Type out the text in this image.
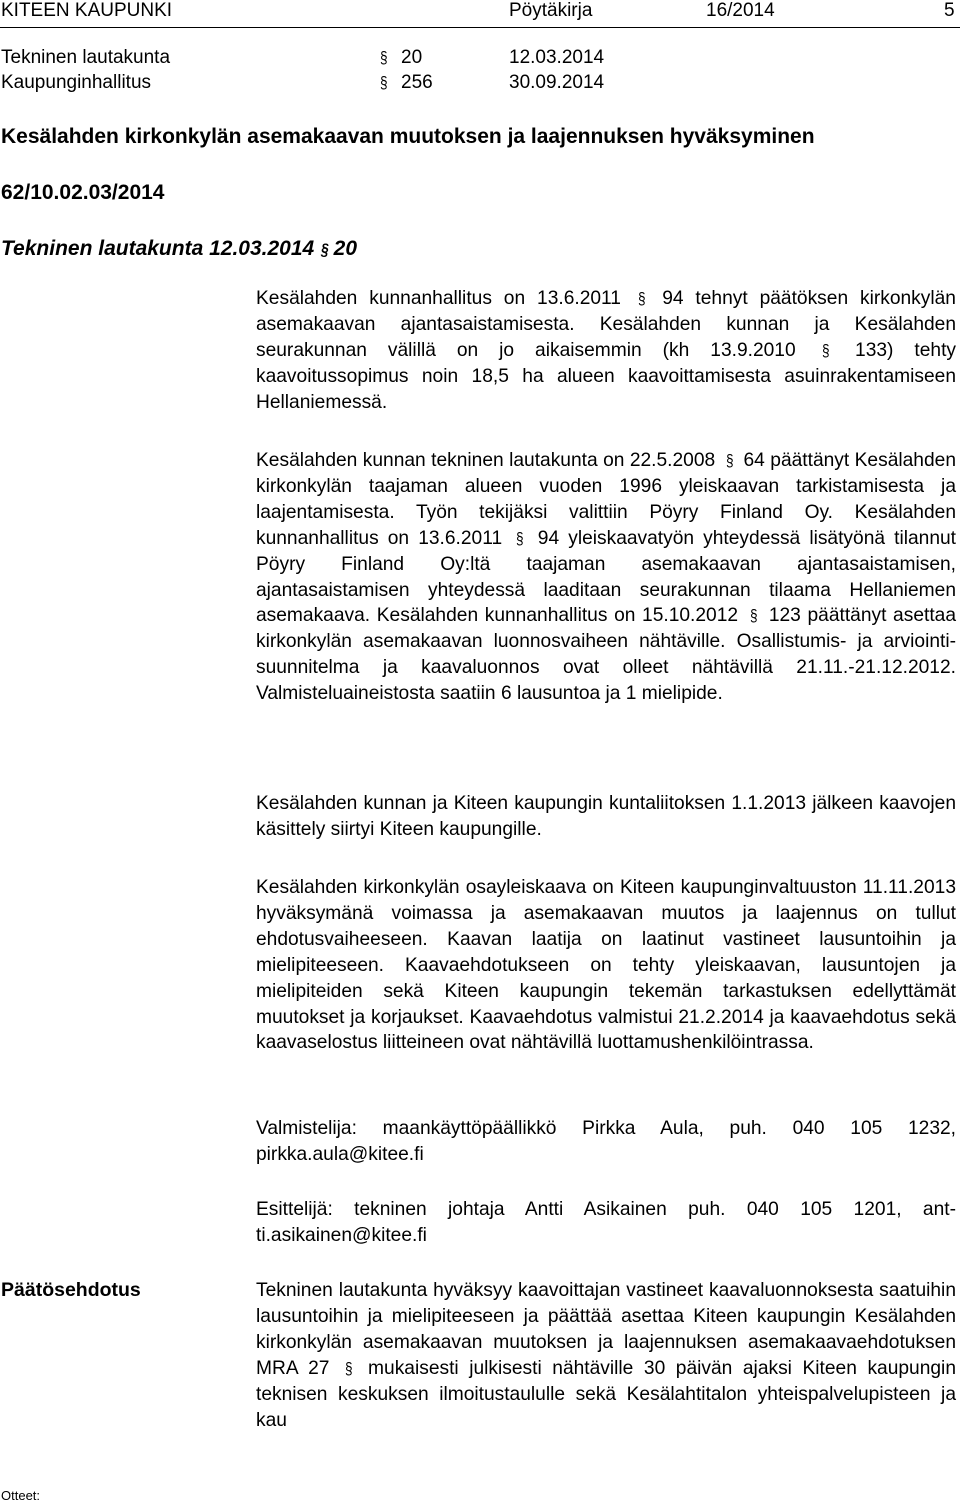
KITEEN KAUPUNKI	Pöytäkirja	16/2014	5
Tekninen lautakunta	§ 20	12.03.2014
Kaupunginhallitus	§ 256	30.09.2014
Kesälahden kirkonkylän asemakaavan muutoksen ja laajennuksen hyväksyminen
62/10.02.03/2014
Tekninen lautakunta 12.03.2014 § 20

Kesälahden kunnanhallitus on 13.6.2011 § 94 tehnyt päätöksen kirkonkylän asemakaavan ajantasaistamisesta. Kesälahden kunnan ja Kesälahden seurakunnan välillä on jo aikaisemmin (kh 13.9.2010 § 133) tehty kaavoitussopimus noin 18,5 ha alueen kaavoittamisesta asuinrakentamiseen Hellaniemessä.

Kesälahden kunnan tekninen lautakunta on 22.5.2008 § 64 päättänyt Kesälahden kirkonkylän taajaman alueen vuoden 1996 yleiskaavan tarkistamisesta ja laajentamisesta. Työn tekijäksi valittiin Pöyry Finland Oy. Kesälahden kunnanhallitus on 13.6.2011 § 94 yleiskaavatyön yhteydessä lisätyönä tilannut Pöyry Finland Oy:ltä taajaman asemakaavan ajantasaistamisen, ajantasaistamisen yhteydessä laaditaan seurakunnan tilaama Hellaniemen asemakaava. Kesälahden kunnanhallitus on 15.10.2012 § 123 päättänyt asettaa kirkonkylän asemakaavan luonnosvaiheen nähtäville. Osallistumis- ja arviointisuunnitelma ja kaavaluonnos ovat olleet nähtävillä 21.11.-21.12.2012. Valmisteluaineistosta saatiin 6 lausuntoa ja 1 mielipide.

Kesälahden kunnan ja Kiteen kaupungin kuntaliitoksen 1.1.2013 jälkeen kaavojen käsittely siirtyi Kiteen kaupungille.

Kesälahden kirkonkylän osayleiskaava on Kiteen kaupunginvaltuuston 11.11.2013 hyväksymänä voimassa ja asemakaavan muutos ja laajennus on tullut ehdotusvaiheeseen. Kaavan laatija on laatinut vastineet lausuntoihin ja mielipiteeseen. Kaavaehdotukseen on tehty yleiskaavan, lausuntojen ja mielipiteiden sekä Kiteen kaupungin tekemän tarkastuksen edellyttämät muutokset ja korjaukset. Kaavaehdotus valmistui 21.2.2014 ja kaavaehdotus sekä kaavaselostus liitteineen ovat nähtävillä luottamushenkilöintrassa.

Valmistelija: maankäyttöpäällikkö Pirkka Aula, puh. 040 105 1232, pirkka.aula@kitee.fi

Esittelijä: tekninen johtaja Antti Asikainen puh. 040 105 1201, antti.asikainen@kitee.fi

Päätösehdotus	Tekninen lautakunta hyväksyy kaavoittajan vastineet kaavaluonnoksesta saatuihin lausuntoihin ja mielipiteeseen ja päättää asettaa Kiteen kaupungin Kesälahden kirkonkylän asemakaavan muutoksen ja laajennuksen asemakaavaehdotuksen MRA 27 § mukaisesti julkisesti nähtäville 30 päivän ajaksi Kiteen kaupungin teknisen keskuksen ilmoitustaululle sekä Kesälahtitalon yhteispalvelupisteen ja kau

Otteet:
